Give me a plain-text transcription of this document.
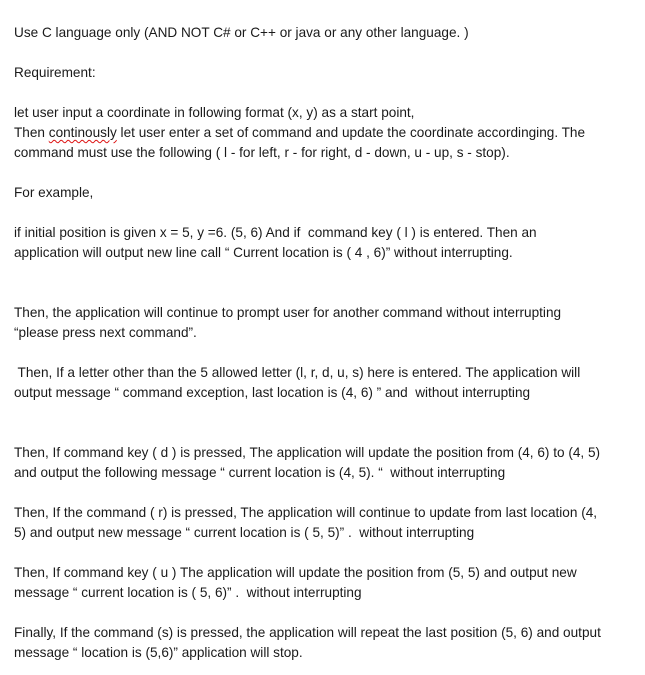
Use C language only (AND NOT C# or C++ or java or any other language. )
Requirement:
let user input a coordinate in following format (x, y) as a start point,
Then continously let user enter a set of command and update the coordinate accordinging. The
command must use the following ( l - for left, r - for right, d - down, u - up, s - stop).
For example,
if initial position is given x = 5, y =6. (5, 6) And if  command key ( l ) is entered. Then an
application will output new line call “ Current location is ( 4 , 6)” without interrupting.
Then, the application will continue to prompt user for another command without interrupting
“please press next command”.
Then, If a letter other than the 5 allowed letter (l, r, d, u, s) here is entered. The application will
output message “ command exception, last location is (4, 6) ” and  without interrupting
Then, If command key ( d ) is pressed, The application will update the position from (4, 6) to (4, 5)
and output the following message “ current location is (4, 5). “  without interrupting
Then, If the command ( r) is pressed, The application will continue to update from last location (4,
5) and output new message “ current location is ( 5, 5)” .  without interrupting
Then, If command key ( u ) The application will update the position from (5, 5) and output new
message “ current location is ( 5, 6)” .  without interrupting
Finally, If the command (s) is pressed, the application will repeat the last position (5, 6) and output
message “ location is (5,6)” application will stop.
